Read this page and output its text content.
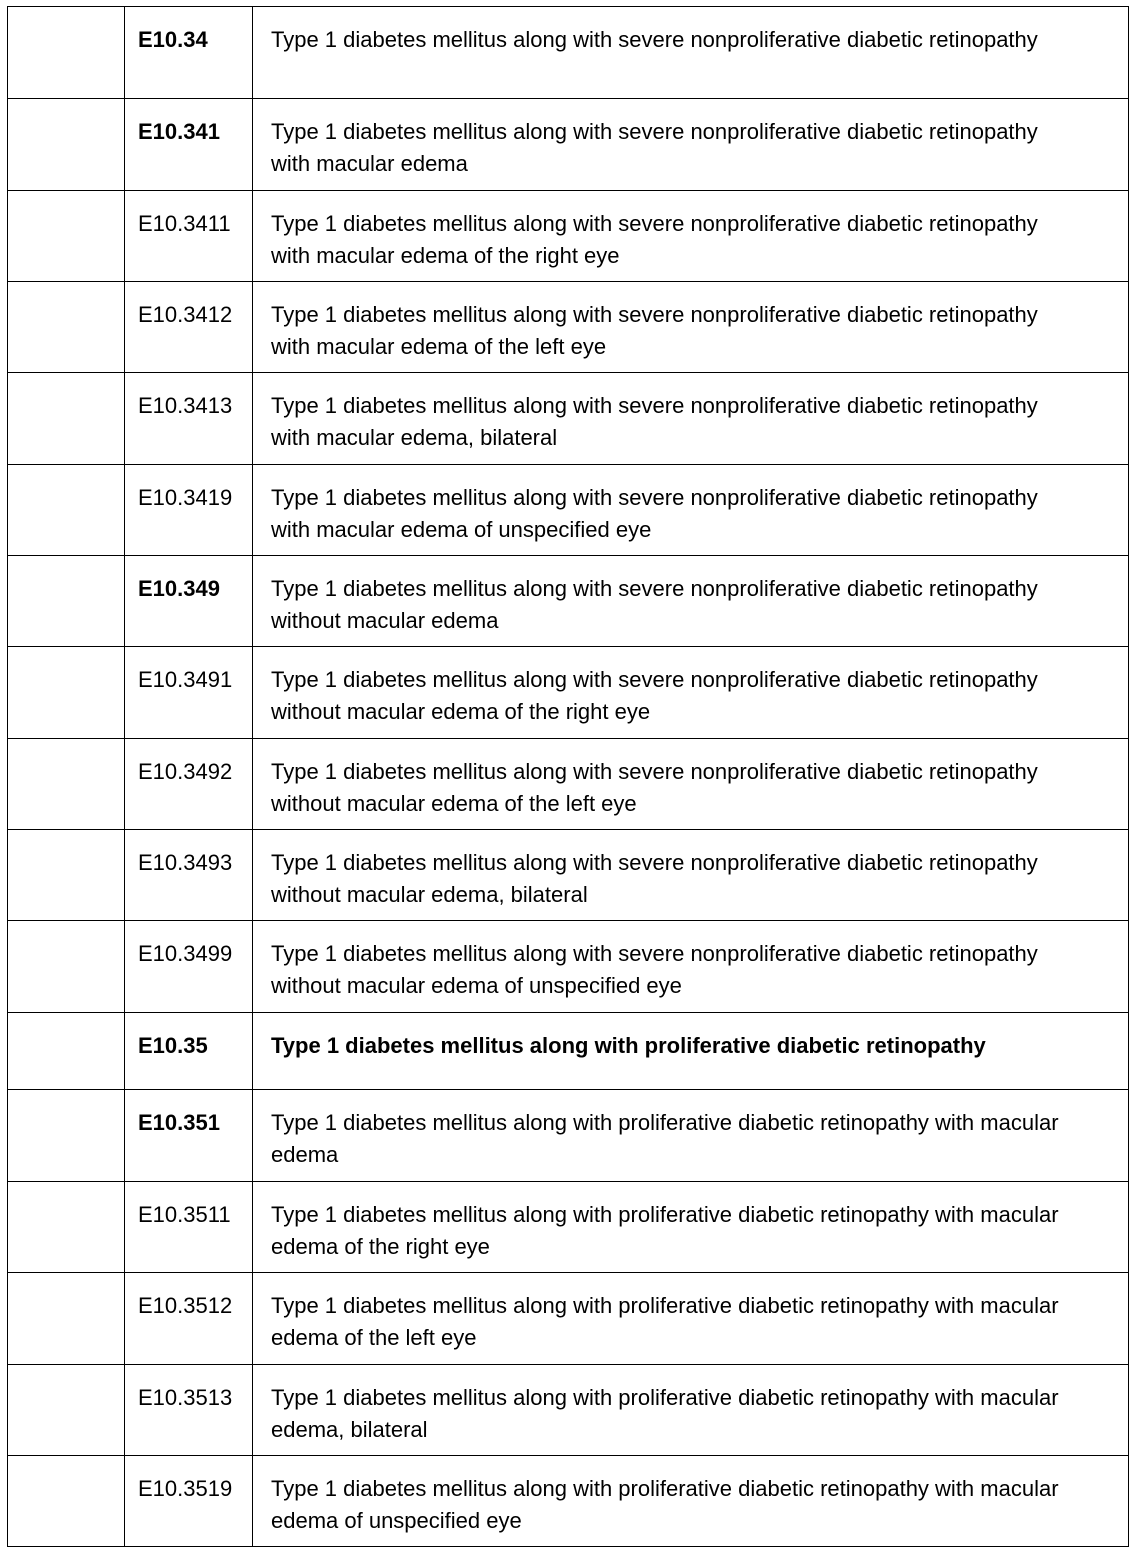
	E10.34	Type 1 diabetes mellitus along with severe nonproliferative diabetic retinopathy
	E10.341	Type 1 diabetes mellitus along with severe nonproliferative diabetic retinopathy with macular edema
	E10.3411	Type 1 diabetes mellitus along with severe nonproliferative diabetic retinopathy with macular edema of the right eye
	E10.3412	Type 1 diabetes mellitus along with severe nonproliferative diabetic retinopathy with macular edema of the left eye
	E10.3413	Type 1 diabetes mellitus along with severe nonproliferative diabetic retinopathy with macular edema, bilateral
	E10.3419	Type 1 diabetes mellitus along with severe nonproliferative diabetic retinopathy with macular edema of unspecified eye
	E10.349	Type 1 diabetes mellitus along with severe nonproliferative diabetic retinopathy without macular edema
	E10.3491	Type 1 diabetes mellitus along with severe nonproliferative diabetic retinopathy without macular edema of the right eye
	E10.3492	Type 1 diabetes mellitus along with severe nonproliferative diabetic retinopathy without macular edema of the left eye
	E10.3493	Type 1 diabetes mellitus along with severe nonproliferative diabetic retinopathy without macular edema, bilateral
	E10.3499	Type 1 diabetes mellitus along with severe nonproliferative diabetic retinopathy without macular edema of unspecified eye
	E10.35	Type 1 diabetes mellitus along with proliferative diabetic retinopathy
	E10.351	Type 1 diabetes mellitus along with proliferative diabetic retinopathy with macular edema
	E10.3511	Type 1 diabetes mellitus along with proliferative diabetic retinopathy with macular edema of the right eye
	E10.3512	Type 1 diabetes mellitus along with proliferative diabetic retinopathy with macular edema of the left eye
	E10.3513	Type 1 diabetes mellitus along with proliferative diabetic retinopathy with macular edema, bilateral
	E10.3519	Type 1 diabetes mellitus along with proliferative diabetic retinopathy with macular edema of unspecified eye
